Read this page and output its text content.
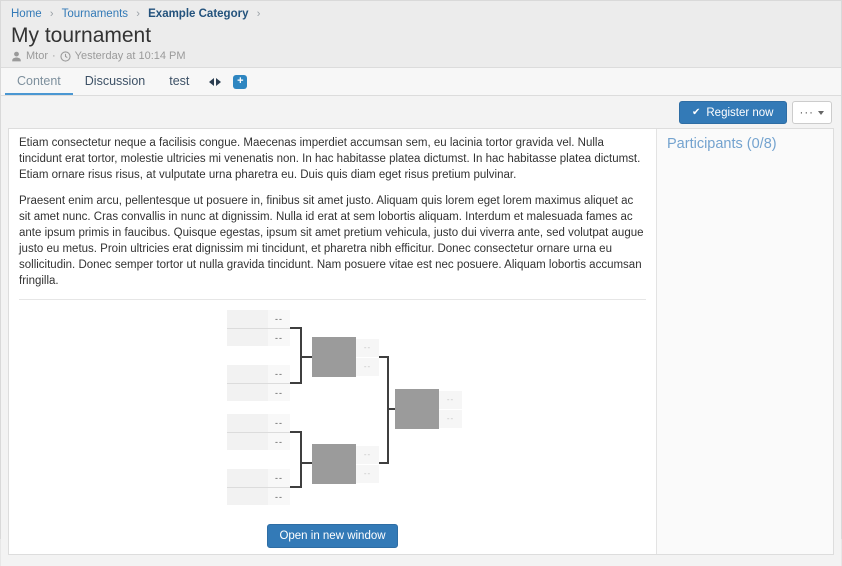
Home › Tournaments › Example Category ›
My tournament
Mtor · Yesterday at 10:14 PM
Content	Discussion	test	+
✔ Register now ···

Etiam consectetur neque a facilisis congue. Maecenas imperdiet accumsan sem, eu lacinia tortor gravida vel. Nulla tincidunt erat tortor, molestie ultricies mi venenatis non. In hac habitasse platea dictumst. In hac habitasse platea dictumst. Etiam ornare risus risus, at vulputate urna pharetra eu. Duis quis diam eget risus pretium pulvinar.

Praesent enim arcu, pellentesque ut posuere in, finibus sit amet justo. Aliquam quis lorem eget lorem maximus aliquet ac sit amet nunc. Cras convallis in nunc at dignissim. Nulla id erat at sem lobortis aliquam. Interdum et malesuada fames ac ante ipsum primis in faucibus. Quisque egestas, ipsum sit amet pretium vehicula, justo dui viverra ante, sed volutpat augue justo eu metus. Proin ultricies erat dignissim mi tincidunt, et pharetra nibh efficitur. Donec consectetur ornare urna eu sollicitudin. Donec semper tortor ut nulla gravida tincidunt. Nam posuere vitae est nec posuere. Aliquam lobortis accumsan fringilla.

--
--
--
--
--
--
--
--
--
--
--
--
--
--
Open in new window
Participants (0/8)
